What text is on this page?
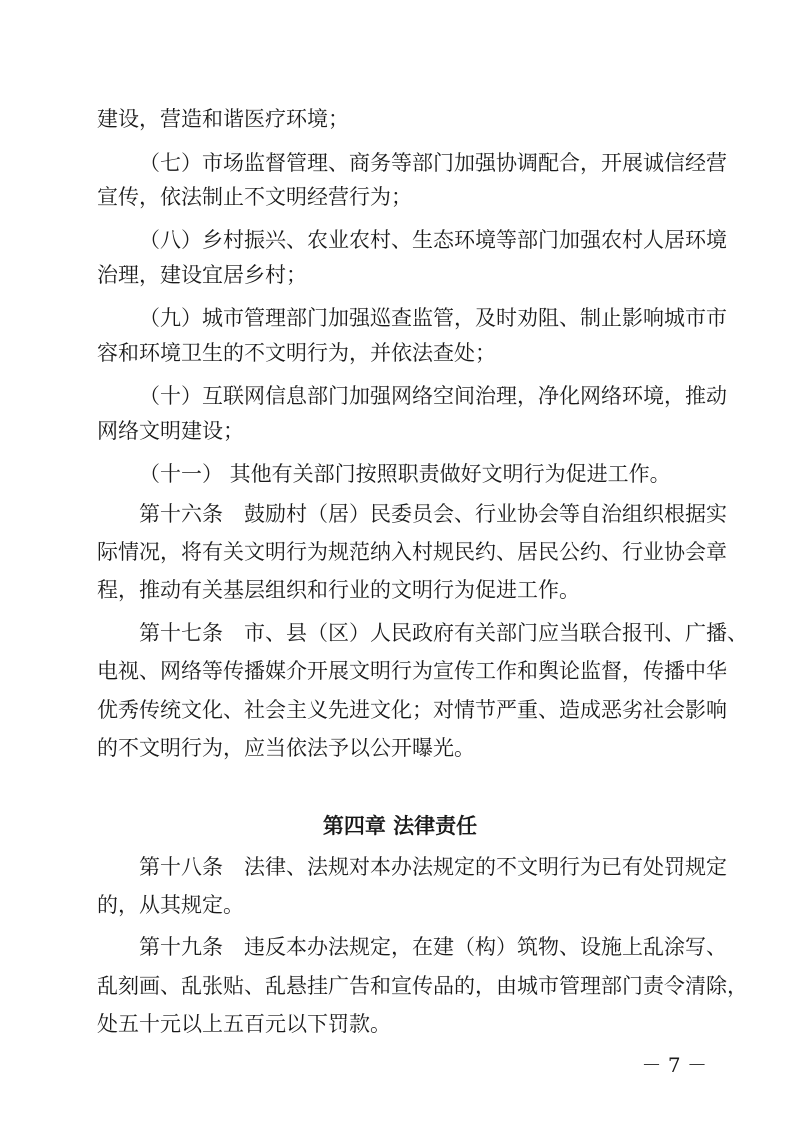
建设，营造和谐医疗环境；
（七）市场监督管理、商务等部门加强协调配合，开展诚信经营
宣传，依法制止不文明经营行为；
（八）乡村振兴、农业农村、生态环境等部门加强农村人居环境
治理，建设宜居乡村；
（九）城市管理部门加强巡查监管，及时劝阻、制止影响城市市
容和环境卫生的不文明行为，并依法查处；
（十）互联网信息部门加强网络空间治理，净化网络环境，推动
网络文明建设；
（十一） 其他有关部门按照职责做好文明行为促进工作。
第十六条　鼓励村（居）民委员会、行业协会等自治组织根据实
际情况，将有关文明行为规范纳入村规民约、居民公约、行业协会章
程，推动有关基层组织和行业的文明行为促进工作。
第十七条　市、县（区）人民政府有关部门应当联合报刊、广播、
电视、网络等传播媒介开展文明行为宣传工作和舆论监督，传播中华
优秀传统文化、社会主义先进文化；对情节严重、造成恶劣社会影响
的不文明行为，应当依法予以公开曝光。
第四章 法律责任
第十八条　法律、法规对本办法规定的不文明行为已有处罚规定
的，从其规定。
第十九条　违反本办法规定，在建（构）筑物、设施上乱涂写、
乱刻画、乱张贴、乱悬挂广告和宣传品的，由城市管理部门责令清除，
处五十元以上五百元以下罚款。
－ 7 －
